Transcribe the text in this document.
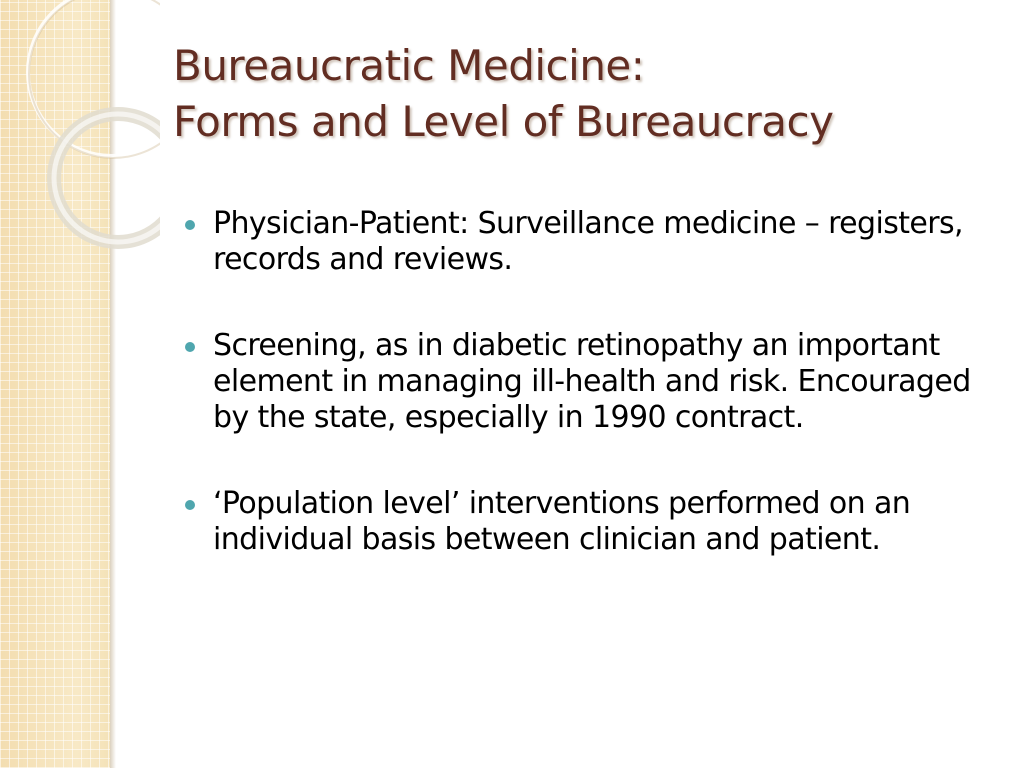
Bureaucratic Medicine:
Forms and Level of Bureaucracy
Physician-Patient: Surveillance medicine – registers, records and reviews.
Screening, as in diabetic retinopathy an important element in managing ill-health and risk. Encouraged by the state, especially in 1990 contract.
‘Population level’ interventions performed on an individual basis between clinician and patient.
